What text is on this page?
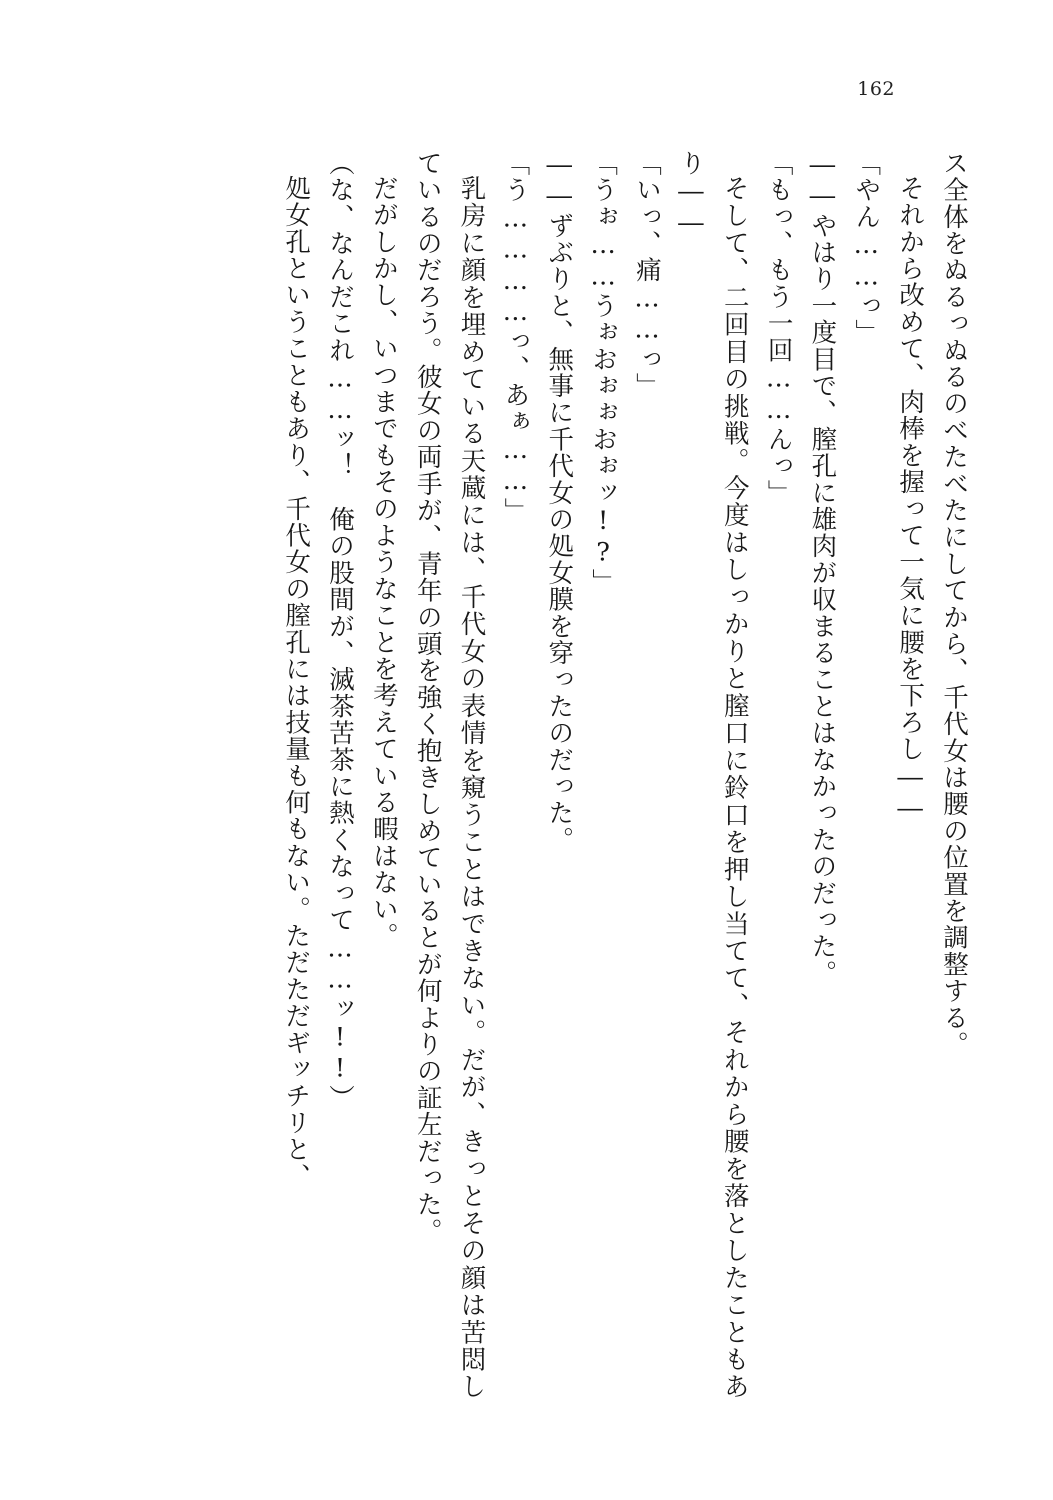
162

ス全体をぬるっぬるのべたべたにしてから、千代女は腰の位置を調整する。

それから改めて、肉棒を握って一気に腰を下ろし――

「やん……っ」

――やはり一度目で、膣孔に雄肉が収まることはなかったのだった。

「もっ、もう一回……んっ」

そして、二回目の挑戦。今度はしっかりと膣口に鈴口を押し当てて、それから腰を落としたこともあり――

「いっ、痛……っ」

「うぉ……うぉおぉぉおぉッ!?」

――ずぶりと、無事に千代女の処女膜を穿ったのだった。

「う…………っ、あぁ……」

乳房に顔を埋めている天蔵には、千代女の表情を窺うことはできない。だが、きっとその顔は苦悶しているのだろう。彼女の両手が、青年の頭を強く抱きしめているとが何よりの証左だった。

だがしかし、いつまでもそのようなことを考えている暇はない。

（な、なんだこれ……ッ！　俺の股間が、滅茶苦茶に熱くなって……ッ!!）

処女孔ということもあり、千代女の膣孔には技量も何もない。ただただギッチリと、
